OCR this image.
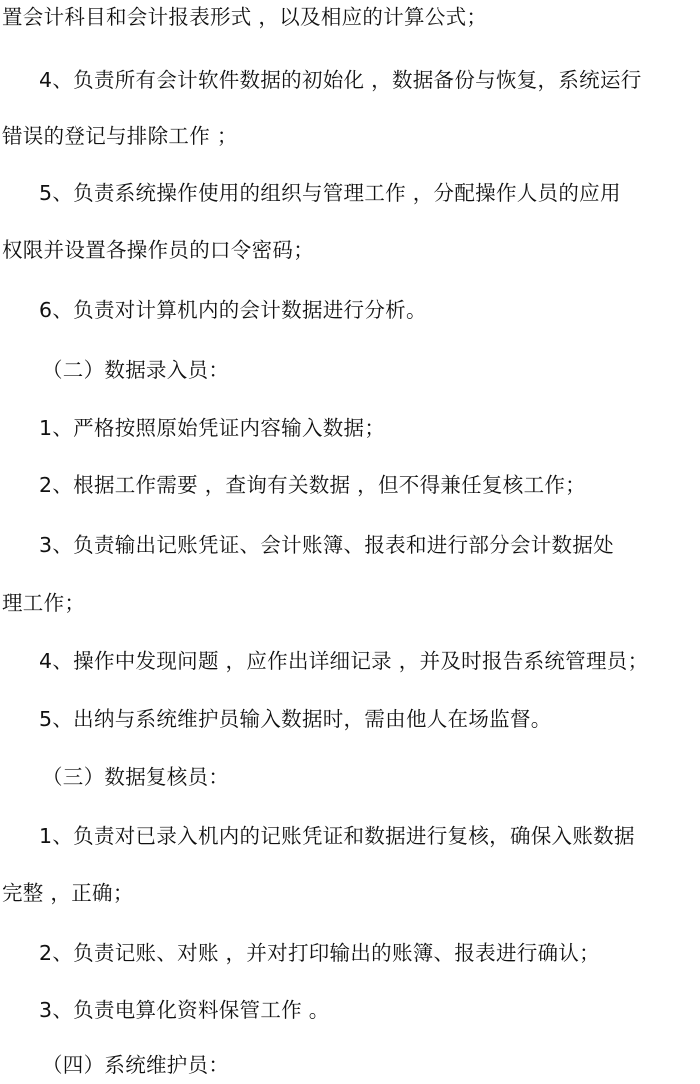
置会计科目和会计报表形式 ，以及相应的计算公式；
4、负责所有会计软件数据的初始化 ，数据备份与恢复，系统运行
错误的登记与排除工作 ；
5、负责系统操作使用的组织与管理工作 ，分配操作人员的应用
权限并设置各操作员的口令密码；
6、负责对计算机内的会计数据进行分析。
（二）数据录入员：
1、严格按照原始凭证内容输入数据；
2、根据工作需要 ，查询有关数据 ，但不得兼任复核工作；
3、负责输出记账凭证、会计账簿、报表和进行部分会计数据处
理工作；
4、操作中发现问题 ，应作出详细记录 ，并及时报告系统管理员；
5、出纳与系统维护员输入数据时，需由他人在场监督。
（三）数据复核员：
1、负责对已录入机内的记账凭证和数据进行复核，确保入账数据
完整 ，正确；
2、负责记账、对账 ，并对打印输出的账簿、报表进行确认；
3、负责电算化资料保管工作 。
（四）系统维护员：
